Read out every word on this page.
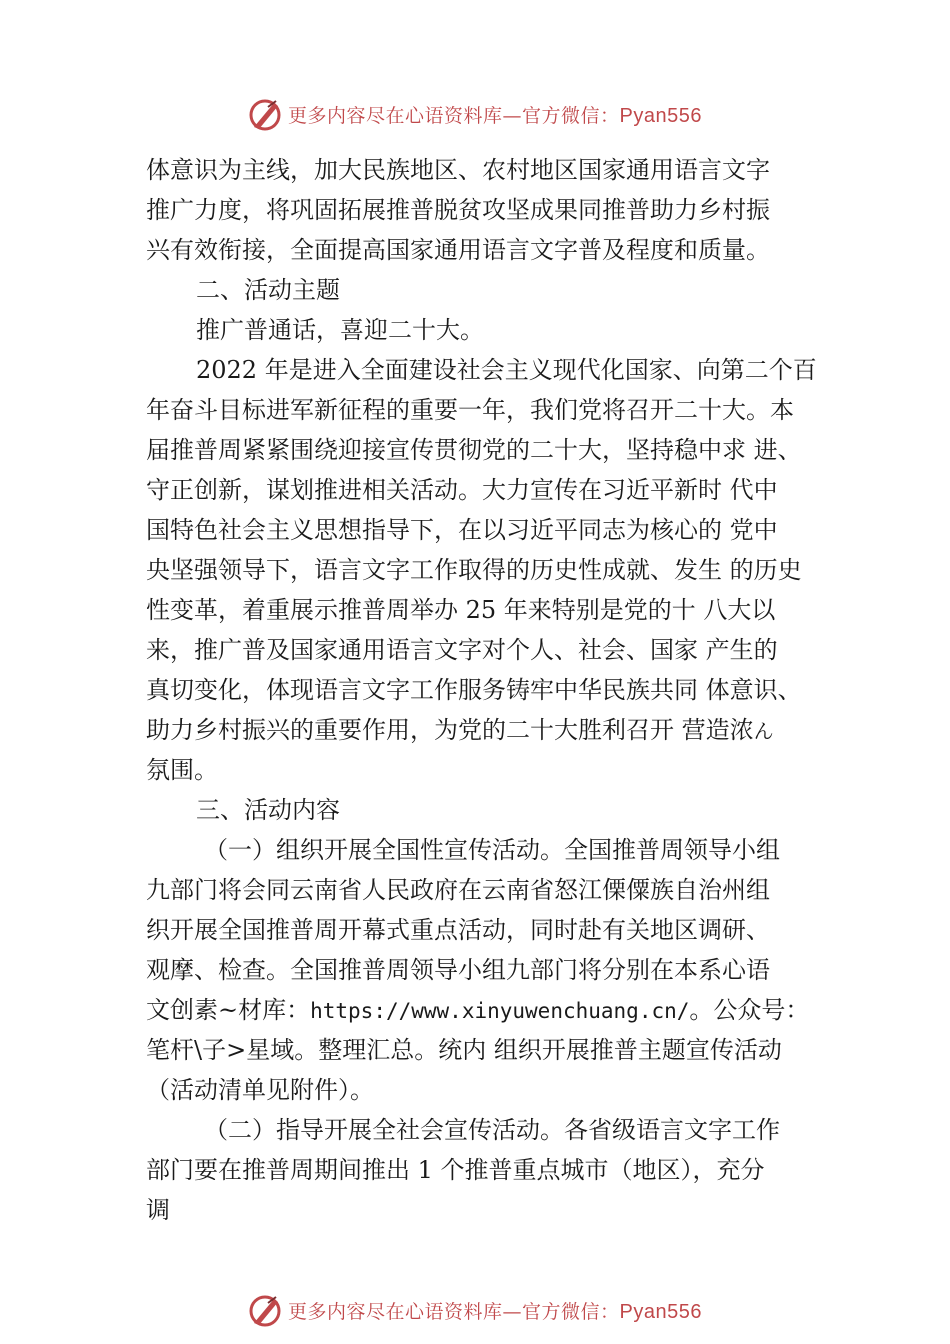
更多内容尽在心语资料库—官方微信：Pyan556
体意识为主线，加大民族地区、农村地区国家通用语言文字
推广力度，将巩固拓展推普脱贫攻坚成果同推普助力乡村振
兴有效衔接，全面提高国家通用语言文字普及程度和质量。
二、活动主题
推广普通话，喜迎二十大。
2022 年是进入全面建设社会主义现代化国家、向第二个百
年奋斗目标进军新征程的重要一年，我们党将召开二十大。本
届推普周紧紧围绕迎接宣传贯彻党的二十大，坚持稳中求 进、
守正创新，谋划推进相关活动。大力宣传在习近平新时 代中
国特色社会主义思想指导下，在以习近平同志为核心的 党中
央坚强领导下，语言文字工作取得的历史性成就、发生 的历史
性变革，着重展示推普周举办 25 年来特别是党的十 八大以
来，推广普及国家通用语言文字对个人、社会、国家 产生的
真切变化，体现语言文字工作服务铸牢中华民族共同 体意识、
助力乡村振兴的重要作用，为党的二十大胜利召开 营造浓ん
氛围。
三、活动内容
（一）组织开展全国性宣传活动。全国推普周领导小组
九部门将会同云南省人民政府在云南省怒江傈僳族自治州组
织开展全国推普周开幕式重点活动，同时赴有关地区调研、
观摩、检查。全国推普周领导小组九部门将分别在本系心语
文创素~材库：https://www.xinyuwenchuang.cn/。公众号：
笔杆\子>星域。整理汇总。统内 组织开展推普主题宣传活动
（活动清单见附件）。
（二）指导开展全社会宣传活动。各省级语言文字工作
部门要在推普周期间推出 1 个推普重点城市（地区），充分
调
更多内容尽在心语资料库—官方微信：Pyan556
